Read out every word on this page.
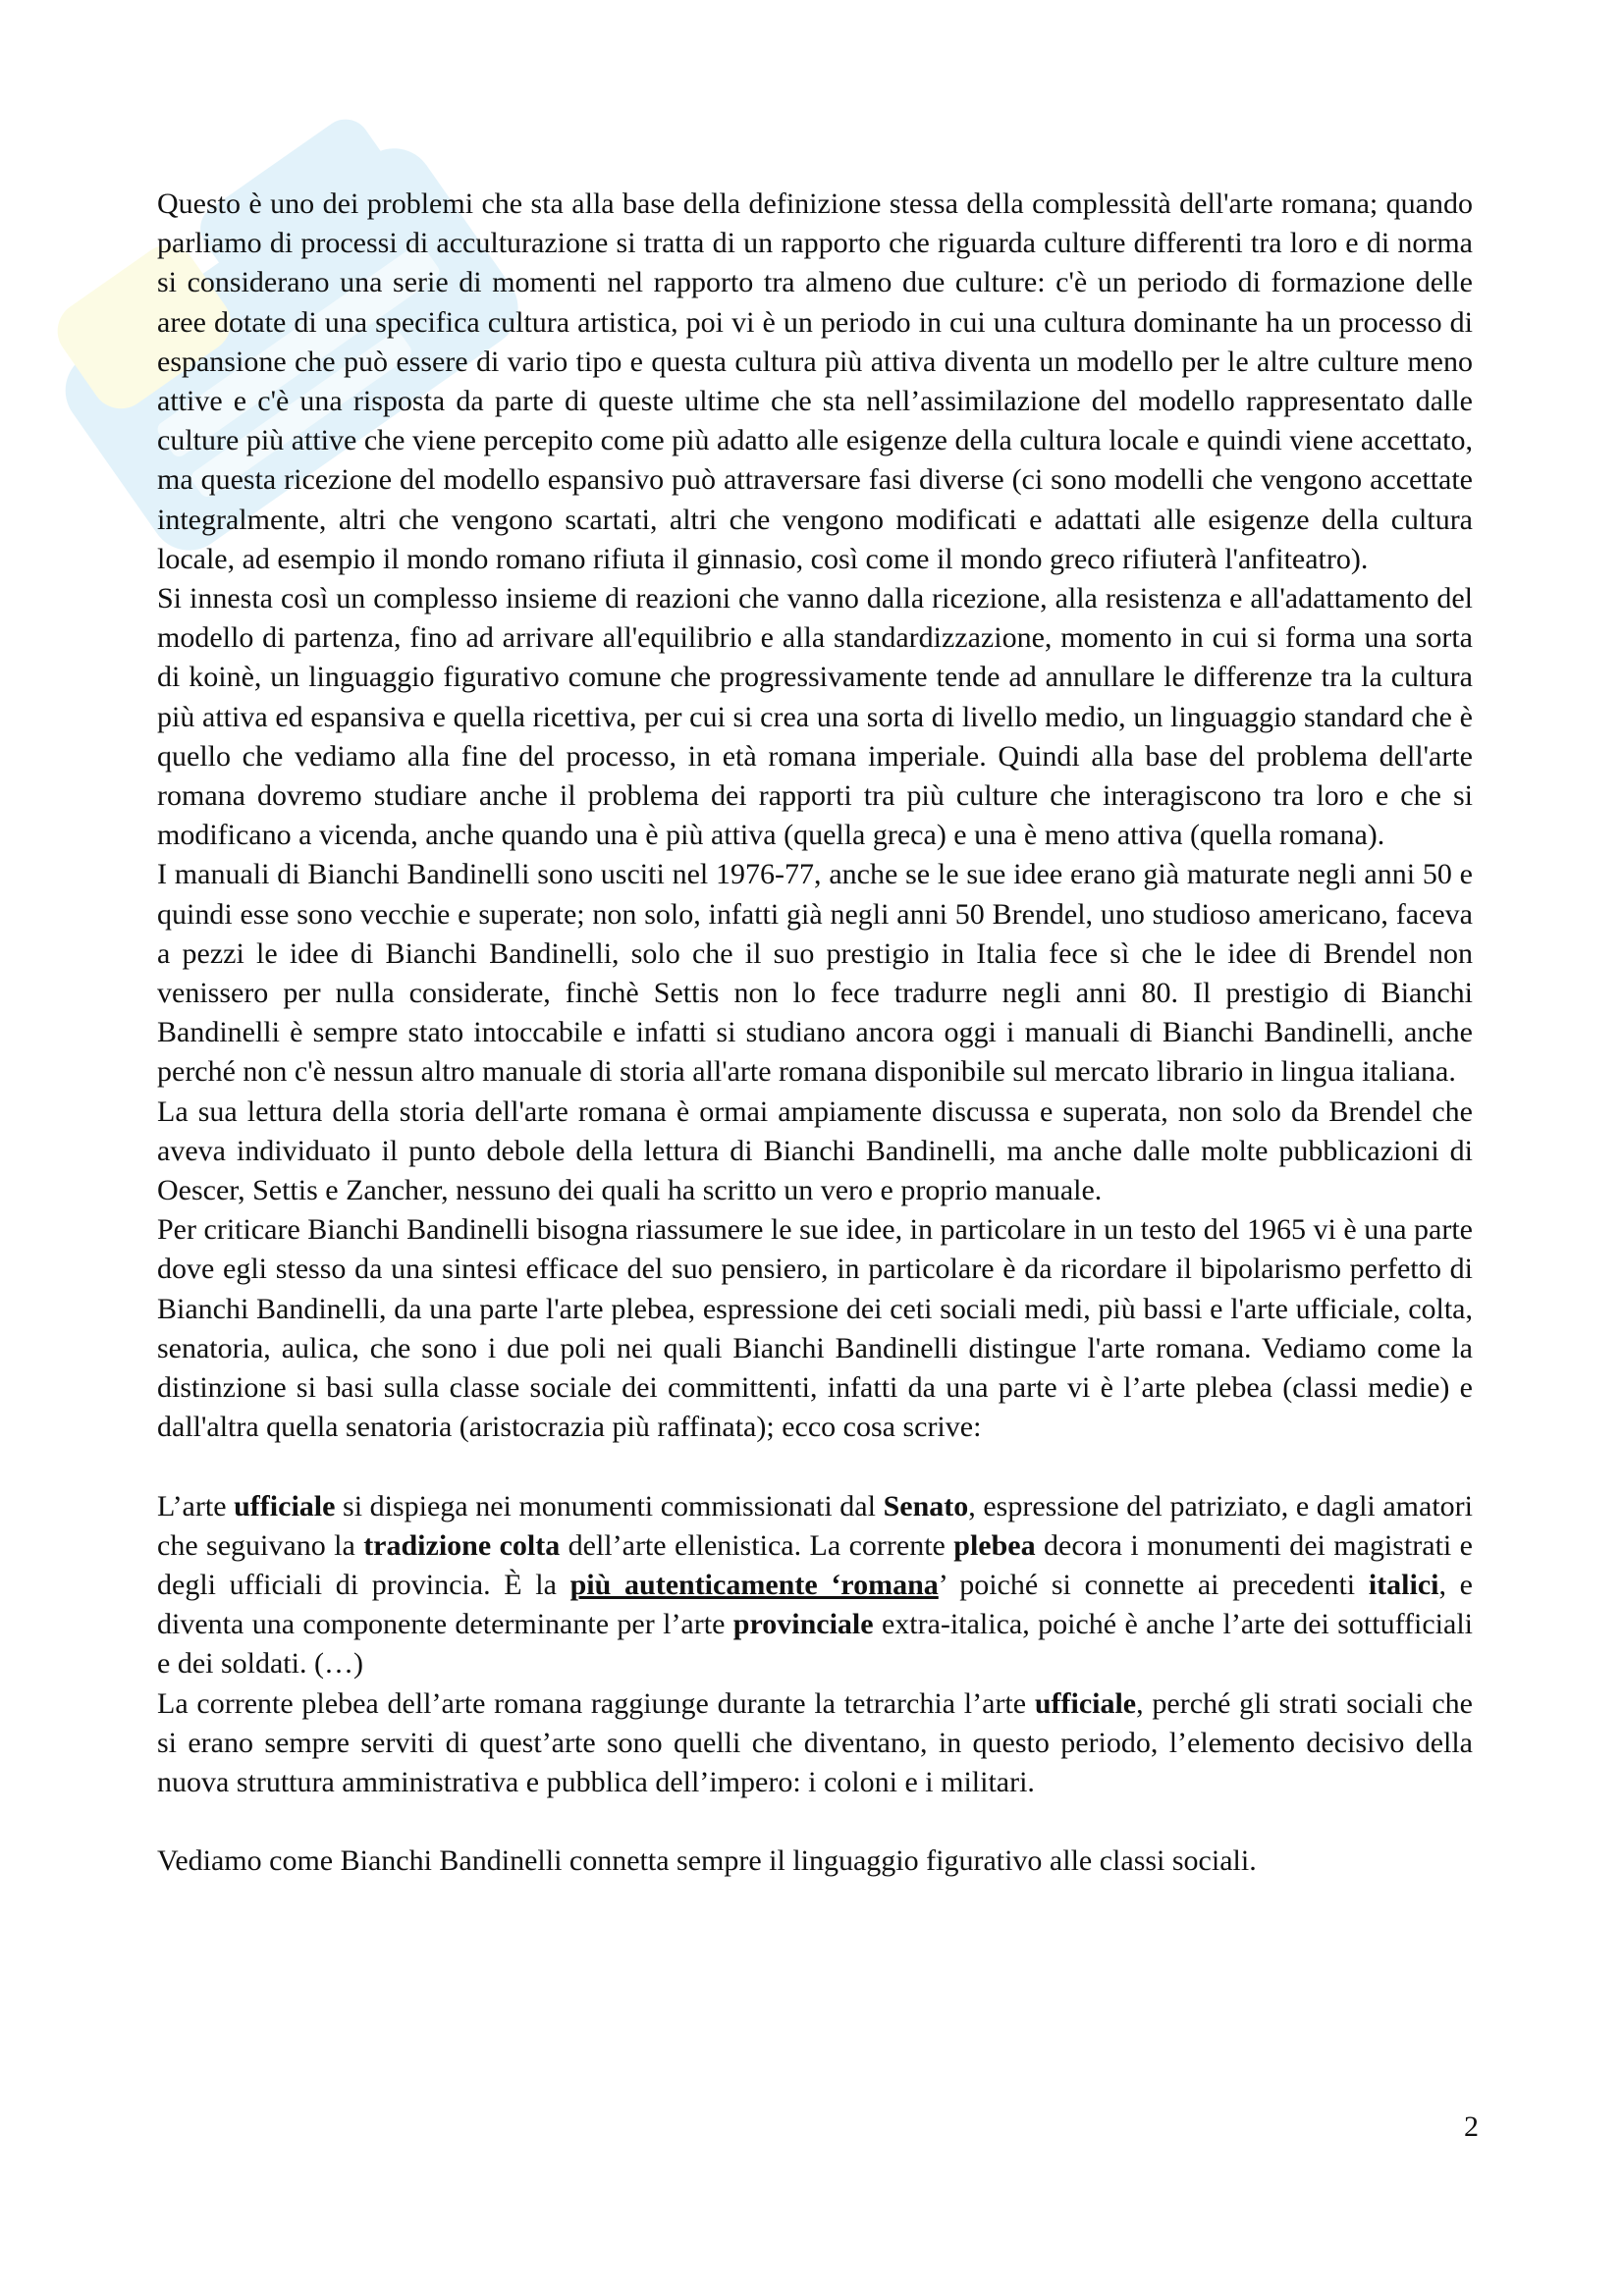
Questo è uno dei problemi che sta alla base della definizione stessa della complessità dell'arte romana; quando parliamo di processi di acculturazione si tratta di un rapporto che riguarda culture differenti tra loro e di norma si considerano una serie di momenti nel rapporto tra almeno due culture: c'è un periodo di formazione delle aree dotate di una specifica cultura artistica, poi vi è un periodo in cui una cultura dominante ha un processo di espansione che può essere di vario tipo e questa cultura più attiva diventa un modello per le altre culture meno attive e c'è una risposta da parte di queste ultime che sta nell’assimilazione del modello rappresentato dalle culture più attive che viene percepito come più adatto alle esigenze della cultura locale e quindi viene accettato, ma questa ricezione del modello espansivo può attraversare fasi diverse (ci sono modelli che vengono accettate integralmente, altri che vengono scartati, altri che vengono modificati e adattati alle esigenze della cultura locale, ad esempio il mondo romano rifiuta il ginnasio, così come il mondo greco rifiuterà l'anfiteatro).

Si innesta così un complesso insieme di reazioni che vanno dalla ricezione, alla resistenza e all'adattamento del modello di partenza, fino ad arrivare all'equilibrio e alla standardizzazione, momento in cui si forma una sorta di koinè, un linguaggio figurativo comune che progressivamente tende ad annullare le differenze tra la cultura più attiva ed espansiva e quella ricettiva, per cui si crea una sorta di livello medio, un linguaggio standard che è quello che vediamo alla fine del processo, in età romana imperiale. Quindi alla base del problema dell'arte romana dovremo studiare anche il problema dei rapporti tra più culture che interagiscono tra loro e che si modificano a vicenda, anche quando una è più attiva (quella greca) e una è meno attiva (quella romana).

I manuali di Bianchi Bandinelli sono usciti nel 1976-77, anche se le sue idee erano già maturate negli anni 50 e quindi esse sono vecchie e superate; non solo, infatti già negli anni 50 Brendel, uno studioso americano, faceva a pezzi le idee di Bianchi Bandinelli, solo che il suo prestigio in Italia fece sì che le idee di Brendel non venissero per nulla considerate, finchè Settis non lo fece tradurre negli anni 80. Il prestigio di Bianchi Bandinelli è sempre stato intoccabile e infatti si studiano ancora oggi i manuali di Bianchi Bandinelli, anche perché non c'è nessun altro manuale di storia all'arte romana disponibile sul mercato librario in lingua italiana.

La sua lettura della storia dell'arte romana è ormai ampiamente discussa e superata, non solo da Brendel che aveva individuato il punto debole della lettura di Bianchi Bandinelli, ma anche dalle molte pubblicazioni di Oescer, Settis e Zancher, nessuno dei quali ha scritto un vero e proprio manuale.

Per criticare Bianchi Bandinelli bisogna riassumere le sue idee, in particolare in un testo del 1965 vi è una parte dove egli stesso da una sintesi efficace del suo pensiero, in particolare è da ricordare il bipolarismo perfetto di Bianchi Bandinelli, da una parte l'arte plebea, espressione dei ceti sociali medi, più bassi e l'arte ufficiale, colta, senatoria, aulica, che sono i due poli nei quali Bianchi Bandinelli distingue l'arte romana. Vediamo come la distinzione si basi sulla classe sociale dei committenti, infatti da una parte vi è l’arte plebea (classi medie) e dall'altra quella senatoria (aristocrazia più raffinata); ecco cosa scrive:

L’arte ufficiale si dispiega nei monumenti commissionati dal Senato, espressione del patriziato, e dagli amatori che seguivano la tradizione colta dell’arte ellenistica. La corrente plebea decora i monumenti dei magistrati e degli ufficiali di provincia. È la più autenticamente ‘romana’ poiché si connette ai precedenti italici, e diventa una componente determinante per l’arte provinciale extra-italica, poiché è anche l’arte dei sottufficiali e dei soldati. (…)

La corrente plebea dell’arte romana raggiunge durante la tetrarchia l’arte ufficiale, perché gli strati sociali che si erano sempre serviti di quest’arte sono quelli che diventano, in questo periodo, l’elemento decisivo della nuova struttura amministrativa e pubblica dell’impero: i coloni e i militari.

Vediamo come Bianchi Bandinelli connetta sempre il linguaggio figurativo alle classi sociali.

2
